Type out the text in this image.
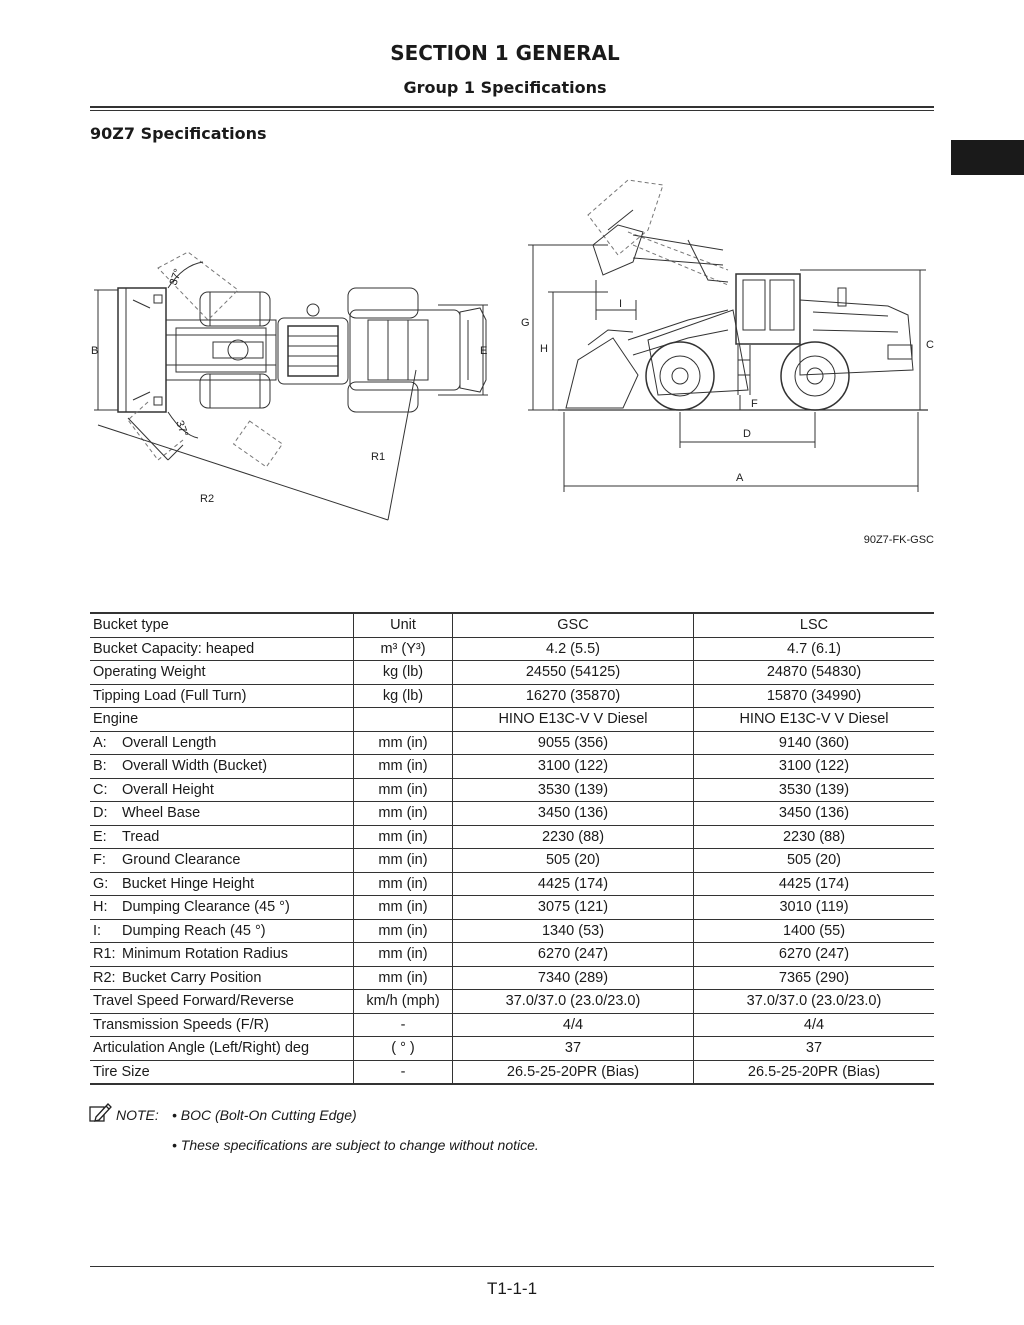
SECTION 1 GENERAL
Group 1 Specifications
90Z7 Specifications
B	E
R1
R2
37°
37°
G
H
I
C
F
D
A
90Z7-FK-GSC
Bucket type	Unit	GSC	LSC
Bucket Capacity: heaped	m³ (Y³)	4.2 (5.5)	4.7 (6.1)
Operating Weight	kg (lb)	24550 (54125)	24870 (54830)
Tipping Load (Full Turn)	kg (lb)	16270 (35870)	15870 (34990)
Engine		HINO E13C-V V Diesel	HINO E13C-V V Diesel
A: Overall Length	mm (in)	9055 (356)	9140 (360)
B: Overall Width (Bucket)	mm (in)	3100 (122)	3100 (122)
C: Overall Height	mm (in)	3530 (139)	3530 (139)
D: Wheel Base	mm (in)	3450 (136)	3450 (136)
E: Tread	mm (in)	2230 (88)	2230 (88)
F: Ground Clearance	mm (in)	505 (20)	505 (20)
G: Bucket Hinge Height	mm (in)	4425 (174)	4425 (174)
H: Dumping Clearance (45 °)	mm (in)	3075 (121)	3010 (119)
I: Dumping Reach (45 °)	mm (in)	1340 (53)	1400 (55)
R1: Minimum Rotation Radius	mm (in)	6270 (247)	6270 (247)
R2: Bucket Carry Position	mm (in)	7340 (289)	7365 (290)
Travel Speed Forward/Reverse	km/h (mph)	37.0/37.0 (23.0/23.0)	37.0/37.0 (23.0/23.0)
Transmission Speeds (F/R)	-	4/4	4/4
Articulation Angle (Left/Right) deg	( ° )	37	37
Tire Size	-	26.5-25-20PR (Bias)	26.5-25-20PR (Bias)
NOTE: • BOC (Bolt-On Cutting Edge)
• These specifications are subject to change without notice.
T1-1-1
